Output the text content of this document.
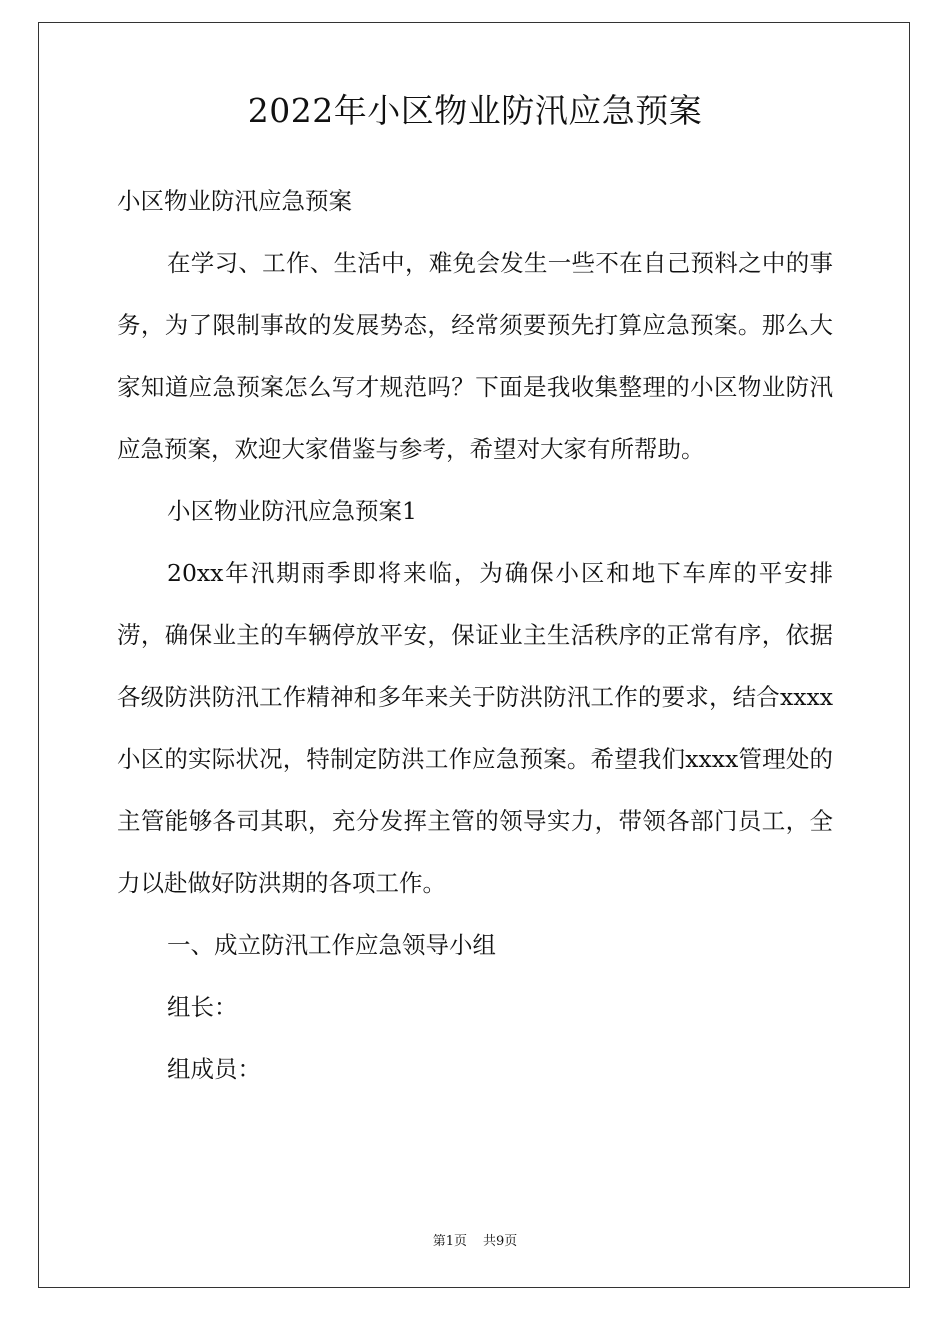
2022年小区物业防汛应急预案

小区物业防汛应急预案

在学习、工作、生活中，难免会发生一些不在自己预料之中的事务，为了限制事故的发展势态，经常须要预先打算应急预案。那么大家知道应急预案怎么写才规范吗？下面是我收集整理的小区物业防汛应急预案，欢迎大家借鉴与参考，希望对大家有所帮助。

小区物业防汛应急预案1

20xx年汛期雨季即将来临，为确保小区和地下车库的平安排涝，确保业主的车辆停放平安，保证业主生活秩序的正常有序，依据各级防洪防汛工作精神和多年来关于防洪防汛工作的要求，结合xxxx小区的实际状况，特制定防洪工作应急预案。希望我们xxxx管理处的主管能够各司其职，充分发挥主管的领导实力，带领各部门员工，全力以赴做好防洪期的各项工作。

一、成立防汛工作应急领导小组

组长：

组成员：

第1页 共9页
